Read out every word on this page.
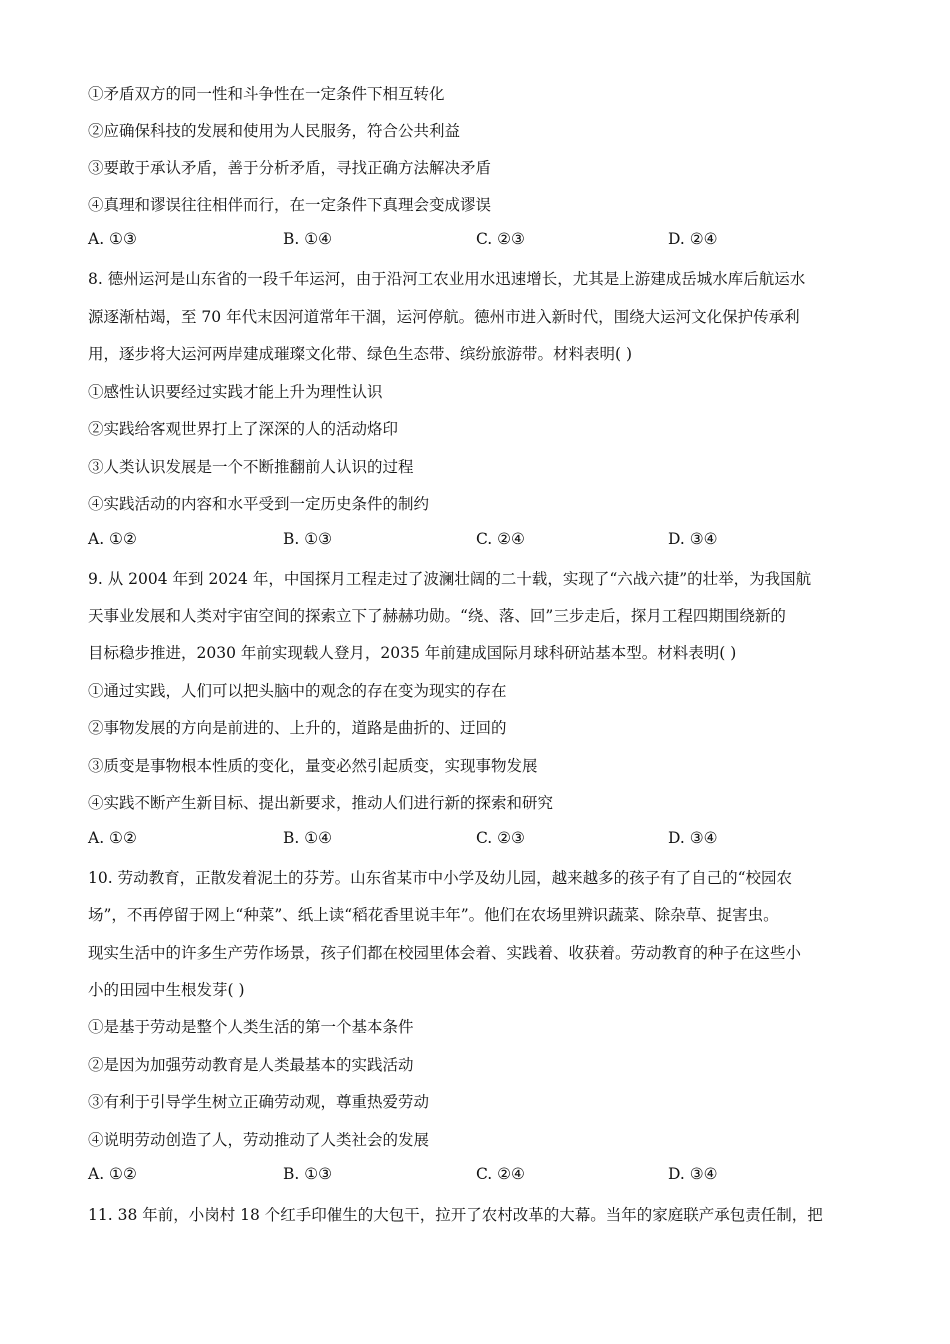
①矛盾双方的同一性和斗争性在一定条件下相互转化
②应确保科技的发展和使用为人民服务，符合公共利益
③要敢于承认矛盾，善于分析矛盾，寻找正确方法解决矛盾
④真理和谬误往往相伴而行，在一定条件下真理会变成谬误
A. ①③	B. ①④	C. ②③	D. ②④
8. 德州运河是山东省的一段千年运河，由于沿河工农业用水迅速增长，尤其是上游建成岳城水库后航运水
源逐渐枯竭，至 70 年代末因河道常年干涸，运河停航。德州市进入新时代，围绕大运河文化保护传承利
用，逐步将大运河两岸建成璀璨文化带、绿色生态带、缤纷旅游带。材料表明( )
①感性认识要经过实践才能上升为理性认识
②实践给客观世界打上了深深的人的活动烙印
③人类认识发展是一个不断推翻前人认识的过程
④实践活动的内容和水平受到一定历史条件的制约
A. ①②	B. ①③	C. ②④	D. ③④
9. 从 2004 年到 2024 年，中国探月工程走过了波澜壮阔的二十载，实现了“六战六捷”的壮举，为我国航
天事业发展和人类对宇宙空间的探索立下了赫赫功勋。“绕、落、回”三步走后，探月工程四期围绕新的
目标稳步推进，2030 年前实现载人登月，2035 年前建成国际月球科研站基本型。材料表明( )
①通过实践，人们可以把头脑中的观念的存在变为现实的存在
②事物发展的方向是前进的、上升的，道路是曲折的、迂回的
③质变是事物根本性质的变化，量变必然引起质变，实现事物发展
④实践不断产生新目标、提出新要求，推动人们进行新的探索和研究
A. ①②	B. ①④	C. ②③	D. ③④
10. 劳动教育，正散发着泥土的芬芳。山东省某市中小学及幼儿园，越来越多的孩子有了自己的“校园农
场”，不再停留于网上“种菜”、纸上读“稻花香里说丰年”。他们在农场里辨识蔬菜、除杂草、捉害虫。
现实生活中的许多生产劳作场景，孩子们都在校园里体会着、实践着、收获着。劳动教育的种子在这些小
小的田园中生根发芽( )
①是基于劳动是整个人类生活的第一个基本条件
②是因为加强劳动教育是人类最基本的实践活动
③有利于引导学生树立正确劳动观，尊重热爱劳动
④说明劳动创造了人，劳动推动了人类社会的发展
A. ①②	B. ①③	C. ②④	D. ③④
11. 38 年前，小岗村 18 个红手印催生的大包干，拉开了农村改革的大幕。当年的家庭联产承包责任制，把
